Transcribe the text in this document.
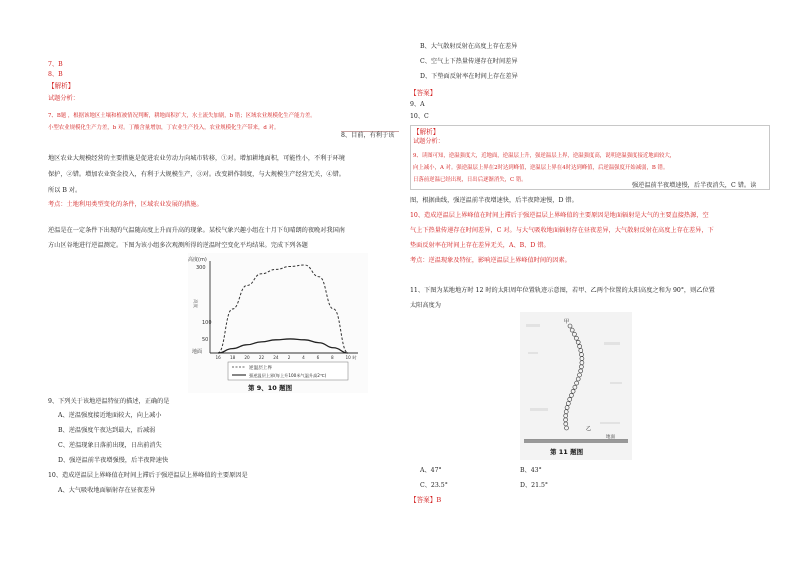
7、B
8、B
【解析】
试题分析：
7、B题 ，根据该地区土壤和植被情况判断，耕地面积扩大，水土流失加剧，b 错；区域农业规模化生产能力差。
小型农业规模化生产力差，b 对。丁酸含量增加，丁农业生产投入，农业规模化生产带来，d 对。
8、目前，有利于该
地区农业大规模经营的主要措施是促进农业劳动力向城市转移，①对。增加耕地面积，可能性小，不利于环境
保护，②错。增加农业资金投入，有利于大规模生产，③对。改变耕作制度，与大规模生产经营无关，④错。
所以 B 对。
考点：土地利用类型变化的条件，区域农业发展的措施。
逆温是在一定条件下出现的气温随高度上升而升高的现象。某校气象兴趣小组在十月下旬晴朗的夜晚对我国南
方山区谷地进行逆温测定。下图为该小组多次观测所得的逆温时空变化平均结果。完成下列各题
高度(m)
300
100
50
地面
高度
16 18 20 22 24 2	4	6	8	10 时
逆温层上界
强逆温层上界(每上升100米气温升高2℃)
第 9、10 题图
9、下列关于该地逆温特征的描述，正确的是
A、逆温强度接近地面较大，向上减小
B、逆温强度午夜达到最大，后减弱
C、逆温现象日落前出现，日出前消失
D、强逆温前半夜增强慢，后半夜降速快
10、造成逆温层上界峰值在时间上滞后于强逆温层上界峰值的主要原因是
A、大气吸收地面辐射存在昼夜差异
B、大气散射反射在高度上存在差异
C、空气上下热量传递存在时间差异
D、下垫面反射率在时间上存在差异
【答案】
9、A
10、C
【解析】
试题分析：
9、读图可知，逆温强度大，近地面，逆温层上升，强逆温层上界，逆温强度高，说明逆温强度接近地面较大，
向上减小，A 对。强逆温层上界在2时达到峰值，逆温层上界在4时达到峰值，后逆温强度开始减弱，B 错。
日落前逆温已经出现，日出后逐渐消失，C 错。
强逆温前半夜增速慢，后半夜消失，C 错。读
图，根据曲线，强逆温前半夜增速快，后半夜降速慢，D 错。
10、造成逆温层上界峰值在时间上滞后于强逆温层上界峰值的主要原因是地面辐射是大气的主要直接热源，空
气上下热量传递存在时间差异，C 对。与大气吸收地面辐射存在昼夜差异，大气散射反射在高度上存在差异，下
垫面反射率在时间上存在差异无关，A、B、D 错。
考点：逆温现象及特征，影响逆温层上界峰值时间的因素。
11、下图为某地地方时 12 时的太阳周年位置轨迹示意图，若甲、乙两个位置的太阳高度之和为 90°，则乙位置
太阳高度为
甲
乙
地面
第 11 题图
A、47°	B、43°
C、23.5°	D、21.5°
【答案】B
